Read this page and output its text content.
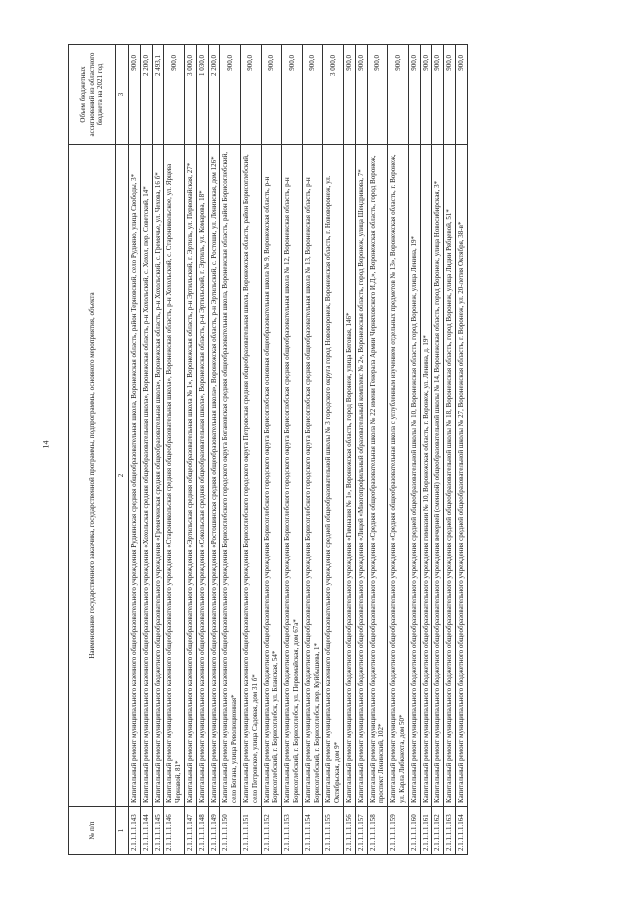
14
№ п/п	Наименование государственного заказчика, государственной программы, подпрограммы, основного мероприятия, объекта	Объем бюджетных ассигнований из областного бюджета на 2021 год
1	2	3
2.1.1.1.1.143	Капитальный ремонт муниципального казенного общеобразовательного учреждения Руднянская средняя общеобразовательная школа, Воронежская область, район Терновский, село Рудняно, улица Свободы, 3*	900,0
2.1.1.1.1.144	Капитальный ремонт муниципального казенного общеобразовательного учреждения «Хохольская средняя общеобразовательная школа», Воронежская область, р-н Хохольский, с. Хохол, пер. Советский, 14*	2 200,0
2.1.1.1.1.145	Капитальный ремонт муниципального бюджетного общеобразовательного учреждения «Гремяченская средняя общеобразовательная школа», Воронежская область, р-н Хохольский, с. Гремячье, ул. Чехова, 16 б*	2 493,1
2.1.1.1.1.146	Капитальный ремонт муниципального казенного общеобразовательного учреждения «Староникольская средняя общеобразовательная школа», Воронежская область, р-н Хохольский, с. Староникольское, ул. Ярцева Чернавой, 81*	900,0
2.1.1.1.1.147	Капитальный ремонт муниципального казенного общеобразовательного учреждения «Эртильская средняя общеобразовательная школа № 1», Воронежская область, р-н Эртильский, г. Эртиль, ул. Первомайская, 27*	3 000,0
2.1.1.1.1.148	Капитальный ремонт муниципального казенного общеобразовательного учреждения «Сокольская средняя общеобразовательная школа», Воронежская область, р-н Эртильский, г. Эртиль, ул. Комарова, 18*	1 030,0
2.1.1.1.1.149	Капитальный ремонт муниципального казенного общеобразовательного учреждения «Ростошинская средняя общеобразовательная школа», Воронежская область, р-н Эртильский, с. Ростоши, ул. Ленинская, дом 126*	2 200,0
2.1.1.1.1.150	Капитальный ремонт муниципального казенного общеобразовательного учреждения Борисоглебского городского округа Богановская средняя общеобразовательная школа, Воронежская область, район Борисоглебский, село Богана, улица Революционная*	900,0
2.1.1.1.1.151	Капитальный ремонт муниципального казенного общеобразовательного учреждения Борисоглебского городского округа Петровская средняя общеобразовательная школа, Воронежская область, район Борисоглебский, село Петровское, улица Садовая, дом 31 б*	900,0
2.1.1.1.1.152	Капитальный ремонт муниципального бюджетного общеобразовательного учреждения Борисоглебского городского округа Борисоглебская основная общеобразовательная школа № 9, Воронежская область, р-н Борисоглебский, г. Борисоглебск, ул. Бланская, 54*	900,0
2.1.1.1.1.153	Капитальный ремонт муниципального бюджетного общеобразовательного учреждения Борисоглебского городского округа Борисоглебская средняя общеобразовательная школа № 12, Воронежская область, р-н Борисоглебский, г. Борисоглебск, ул. Первомайская, дом 67а*	900,0
2.1.1.1.1.154	Капитальный ремонт муниципального бюджетного общеобразовательного учреждения Борисоглебского городского округа Борисоглебская средняя общеобразовательная школа № 13, Воронежская область, р-н Борисоглебский, г. Борисоглебск, пер. Куйбышева, 1*	900,0
2.1.1.1.1.155	Капитальный ремонт муниципального казенного общеобразовательного учреждения средней общеобразовательной школы № 3 городского округа город Нововоронеж, Воронежская область, г. Нововоронеж, ул. Октябрьская, дом 9*	3 000,0
2.1.1.1.1.156	Капитальный ремонт муниципального бюджетного общеобразовательного учреждения «Гимназия № 1», Воронежская область, город Воронеж, улица Беговая, 146*	900,0
2.1.1.1.1.157	Капитальный ремонт муниципального бюджетного общеобразовательного учреждения «Лицей «Многопрофильный образовательный комплекс № 2», Воронежская область, город Воронеж, улица Шендрикова, 7*	900,0
2.1.1.1.1.158	Капитальный ремонт муниципального бюджетного общеобразовательного учреждения «Средняя общеобразовательная школа № 22 имени Генерала Армии Черняховского И.Д.», Воронежская область, город Воронеж, проспект Ленинский, 102*	900,0
2.1.1.1.1.159	Капитальный ремонт муниципального бюджетного общеобразовательного учреждения «Средняя общеобразовательная школа с углубленным изучением отдельных предметов № 13», Воронежская область, г. Воронеж, ул. Карла Либкнехта, дом 50*	900,0
2.1.1.1.1.160	Капитальный ремонт муниципального бюджетного общеобразовательного учреждения средней общеобразовательной школы № 10, Воронежская область, город Воронеж, улица Ленина, 19*	900,0
2.1.1.1.1.161	Капитальный ремонт муниципального бюджетного общеобразовательного учреждения гимназии № 10, Воронежская область, г. Воронеж, ул. Ленина, д. 19*	900,0
2.1.1.1.1.162	Капитальный ремонт муниципального бюджетного общеобразовательного учреждения вечерней (сменной) общеобразовательной школы № 14, Воронежская область, город Воронеж, улица Новосибирская, 3*	900,0
2.1.1.1.1.163	Капитальный ремонт муниципального бюджетного общеобразовательного учреждения средней общеобразовательной школы № 18, Воронежская область, город Воронеж, улица Лидии Рябцевой, 51*	900,0
2.1.1.1.1.164	Капитальный ремонт муниципального бюджетного общеобразовательного учреждения средней общеобразовательной школы № 27, Воронежская область, г. Воронеж, ул. 20-летия Октября, 38-в*	900,0
